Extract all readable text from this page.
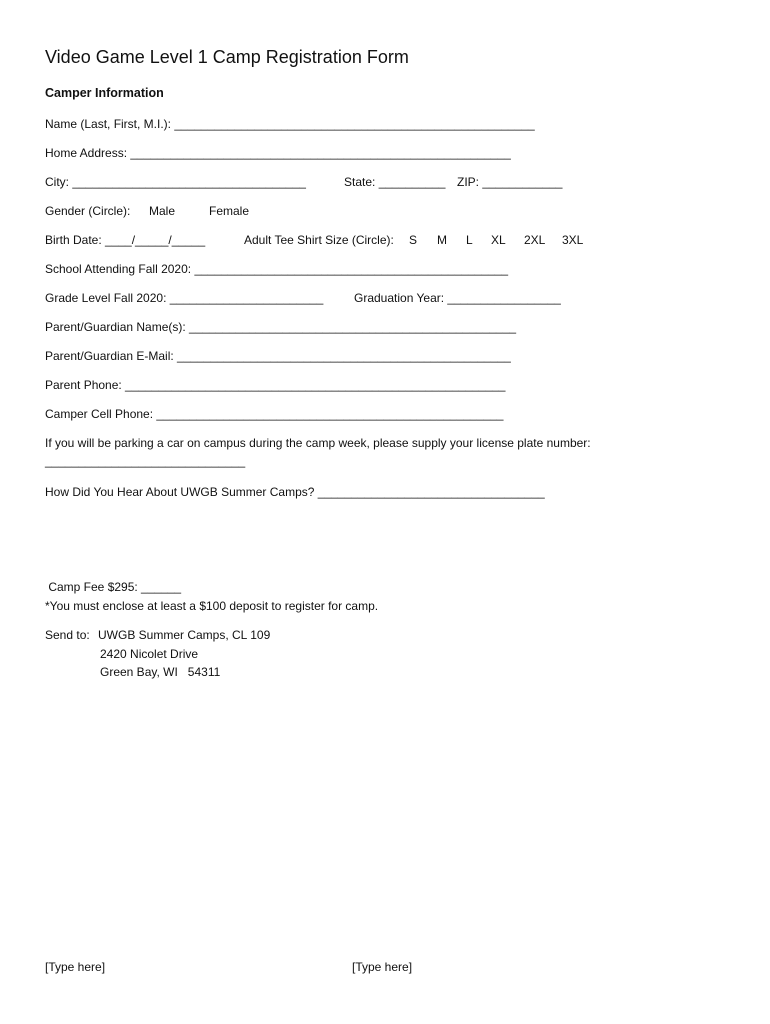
Video Game Level 1 Camp Registration Form
Camper Information
Name (Last, First, M.I.): ______________________________________________________
Home Address: _________________________________________________________
City: ___________________________________	State: __________ ZIP: ____________
Gender (Circle): Male	Female
Birth Date: ____/_____/_____	Adult Tee Shirt Size (Circle): S M L XL 2XL 3XL
School Attending Fall 2020: _______________________________________________
Grade Level Fall 2020: _______________________	Graduation Year: _________________
Parent/Guardian Name(s): _________________________________________________
Parent/Guardian E-Mail: __________________________________________________
Parent Phone: _________________________________________________________
Camper Cell Phone: ____________________________________________________
If you will be parking a car on campus during the camp week, please supply your license plate number:
______________________________
How Did You Hear About UWGB Summer Camps? __________________________________
Camp Fee $295: ______
*You must enclose at least a $100 deposit to register for camp.
Send to: UWGB Summer Camps, CL 109
2420 Nicolet Drive
Green Bay, WI   54311
[Type here]	[Type here]
